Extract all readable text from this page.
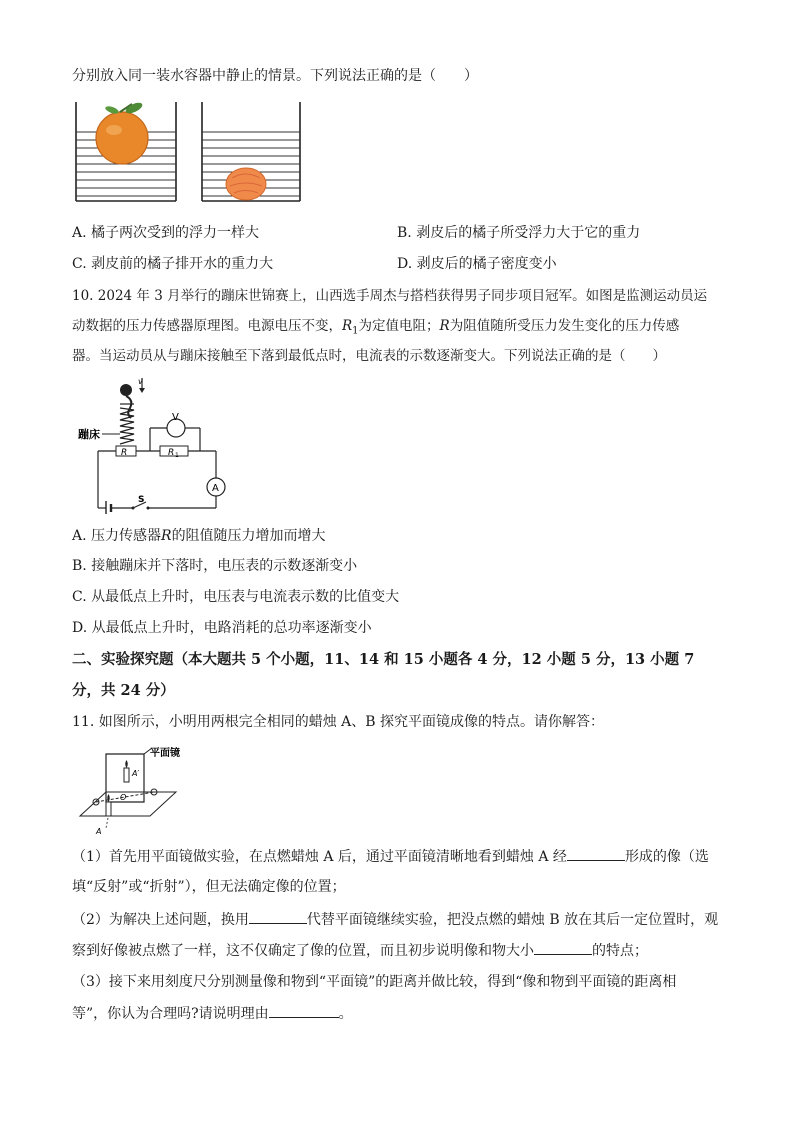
分别放入同一装水容器中静止的情景。下列说法正确的是（　　）
A. 橘子两次受到的浮力一样大	B. 剥皮后的橘子所受浮力大于它的重力
C. 剥皮前的橘子排开水的重力大	D. 剥皮后的橘子密度变小
10. 2024 年 3 月举行的蹦床世锦赛上，山西选手周杰与搭档获得男子同步项目冠军。如图是监测运动员运
动数据的压力传感器原理图。电源电压不变，$R_1$为定值电阻；R为阻值随所受压力发生变化的压力传感
器。当运动员从与蹦床接触至下落到最低点时，电流表的示数逐渐变大。下列说法正确的是（　　）
v
蹦床
R	R 1
S
A
V
A. 压力传感器R的阻值随压力增加而增大
B. 接触蹦床并下落时，电压表的示数逐渐变小
C. 从最低点上升时，电压表与电流表示数的比值变大
D. 从最低点上升时，电路消耗的总功率逐渐变小
二、实验探究题（本大题共 5 个小题，11、14 和 15 小题各 4 分，12 小题 5 分，13 小题 7
分，共 24 分）
11. 如图所示，小明用两根完全相同的蜡烛 A、B 探究平面镜成像的特点。请你解答：
平面镜
A′
O
A
（1）首先用平面镜做实验，在点燃蜡烛 A 后，通过平面镜清晰地看到蜡烛 A 经	形成的像（选
填“反射”或“折射”），但无法确定像的位置；
（2）为解决上述问题，换用	代替平面镜继续实验，把没点燃的蜡烛 B 放在其后一定位置时，观
察到好像被点燃了一样，这不仅确定了像的位置，而且初步说明像和物大小	的特点；
（3）接下来用刻度尺分别测量像和物到“平面镜”的距离并做比较，得到“像和物到平面镜的距离相
等”，你认为合理吗?请说明理由	。
